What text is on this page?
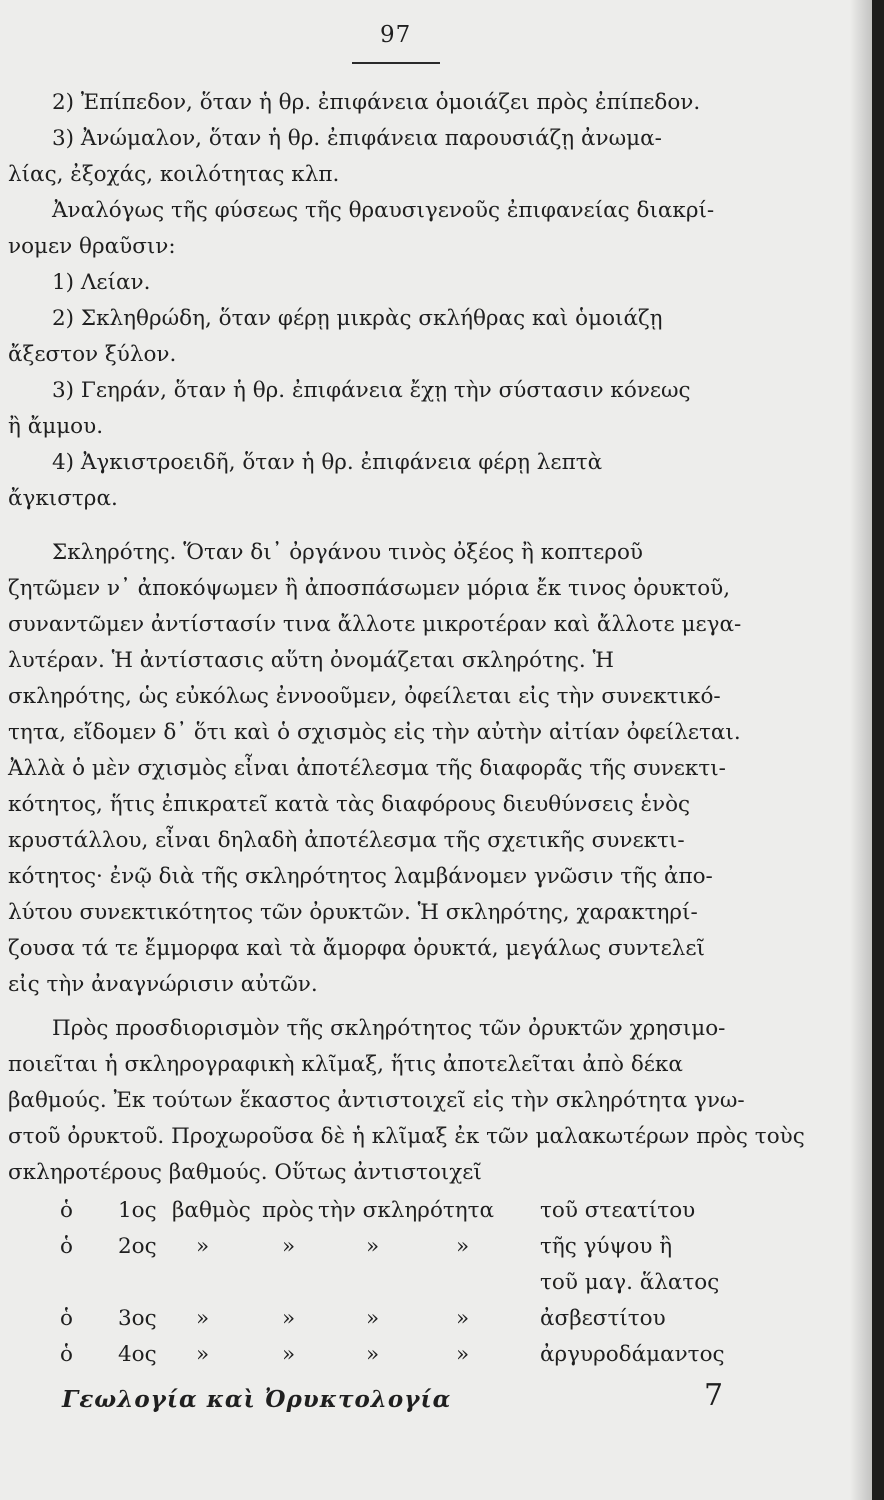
97
2) Ἐπίπεδον, ὅταν ἡ θρ. ἐπιφάνεια ὁμοιάζει πρὸς ἐπίπεδον.
3) Ἀνώμαλον, ὅταν ἡ θρ. ἐπιφάνεια παρουσιάζῃ ἀνωμα-
λίας, ἐξοχάς, κοιλότητας κλπ.
Ἀναλόγως τῆς φύσεως τῆς θραυσιγενοῦς ἐπιφανείας διακρί-
νομεν θραῦσιν:
1) Λείαν.
2) Σκληθρώδη, ὅταν φέρῃ μικρὰς σκλήθρας καὶ ὁμοιάζῃ
ἄξεστον ξύλον.
3) Γεηράν, ὅταν ἡ θρ. ἐπιφάνεια ἔχῃ τὴν σύστασιν κόνεως
ἢ ἄμμου.
4) Ἀγκιστροειδῆ, ὅταν ἡ θρ. ἐπιφάνεια φέρῃ λεπτὰ
ἄγκιστρα.
Σκληρότης. Ὅταν δι᾽ ὀργάνου τινὸς ὀξέος ἢ κοπτεροῦ
ζητῶμεν ν᾽ ἀποκόψωμεν ἢ ἀποσπάσωμεν μόρια ἔκ τινος ὀρυκτοῦ,
συναντῶμεν ἀντίστασίν τινα ἄλλοτε μικροτέραν καὶ ἄλλοτε μεγα-
λυτέραν. Ἡ ἀντίστασις αὕτη ὀνομάζεται σκληρότης. Ἡ
σκληρότης, ὡς εὐκόλως ἐννοοῦμεν, ὀφείλεται εἰς τὴν συνεκτικό-
τητα, εἴδομεν δ᾽ ὅτι καὶ ὁ σχισμὸς εἰς τὴν αὐτὴν αἰτίαν ὀφείλεται.
Ἀλλὰ ὁ μὲν σχισμὸς εἶναι ἀποτέλεσμα τῆς διαφορᾶς τῆς συνεκτι-
κότητος, ἥτις ἐπικρατεῖ κατὰ τὰς διαφόρους διευθύνσεις ἑνὸς
κρυστάλλου, εἶναι δηλαδὴ ἀποτέλεσμα τῆς σχετικῆς συνεκτι-
κότητος· ἐνῷ διὰ τῆς σκληρότητος λαμβάνομεν γνῶσιν τῆς ἀπο-
λύτου συνεκτικότητος τῶν ὀρυκτῶν. Ἡ σκληρότης, χαρακτηρί-
ζουσα τά τε ἔμμορφα καὶ τὰ ἄμορφα ὀρυκτά, μεγάλως συντελεῖ
εἰς τὴν ἀναγνώρισιν αὐτῶν.
Πρὸς προσδιορισμὸν τῆς σκληρότητος τῶν ὀρυκτῶν χρησιμο-
ποιεῖται ἡ σκληρογραφικὴ κλῖμαξ, ἥτις ἀποτελεῖται ἀπὸ δέκα
βαθμούς. Ἐκ τούτων ἕκαστος ἀντιστοιχεῖ εἰς τὴν σκληρότητα γνω-
στοῦ ὀρυκτοῦ. Προχωροῦσα δὲ ἡ κλῖμαξ ἐκ τῶν μαλακωτέρων πρὸς τοὺς
σκληροτέρους βαθμούς. Οὕτως ἀντιστοιχεῖ
ὁ 1ος βαθμὸς πρὸς τὴν σκληρότητα τοῦ στεατίτου
ὁ 2ος »	»	»	»	τῆς γύψου ἢ
τοῦ μαγ. ἅλατος
ὁ 3ος »	»	»	»	ἀσβεστίτου
ὁ 4ος »	»	»	»	ἀργυροδάμαντος
Γεωλογία καὶ Ὀρυκτολογία	7
